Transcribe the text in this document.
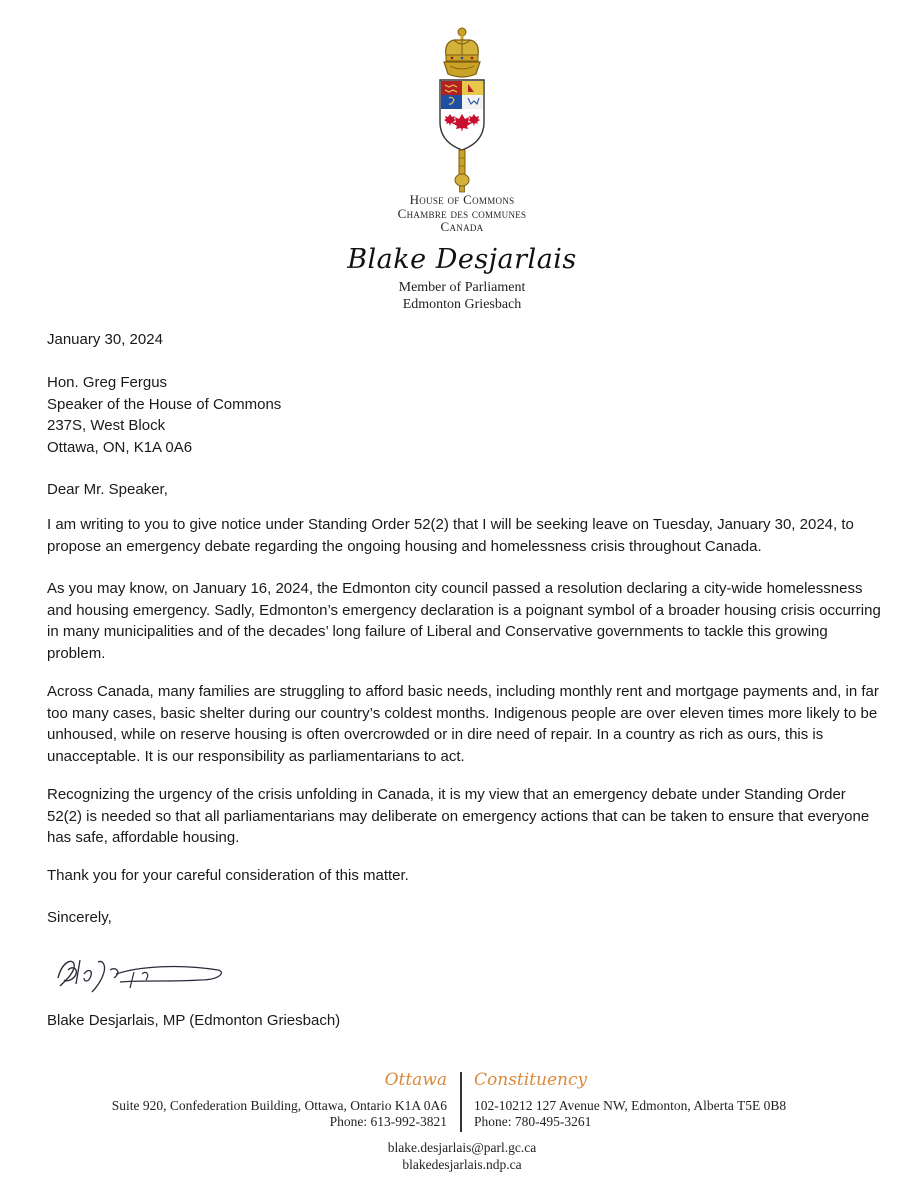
House of Commons
Chambre des communes
Canada
Blake Desjarlais
Member of Parliament
Edmonton Griesbach
January 30, 2024
Hon. Greg Fergus
Speaker of the House of Commons
237S, West Block
Ottawa, ON, K1A 0A6
Dear Mr. Speaker,
I am writing to you to give notice under Standing Order 52(2) that I will be seeking leave on Tuesday, January 30, 2024, to propose an emergency debate regarding the ongoing housing and homelessness crisis throughout Canada.
As you may know, on January 16, 2024, the Edmonton city council passed a resolution declaring a city-wide homelessness and housing emergency. Sadly, Edmonton’s emergency declaration is a poignant symbol of a broader housing crisis occurring in many municipalities and of the decades’ long failure of Liberal and Conservative governments to tackle this growing problem.
Across Canada, many families are struggling to afford basic needs, including monthly rent and mortgage payments and, in far too many cases, basic shelter during our country’s coldest months. Indigenous people are over eleven times more likely to be unhoused, while on reserve housing is often overcrowded or in dire need of repair. In a country as rich as ours, this is unacceptable. It is our responsibility as parliamentarians to act.
Recognizing the urgency of the crisis unfolding in Canada, it is my view that an emergency debate under Standing Order 52(2) is needed so that all parliamentarians may deliberate on emergency actions that can be taken to ensure that everyone has safe, affordable housing.
Thank you for your careful consideration of this matter.
Sincerely,
Blake Desjarlais, MP (Edmonton Griesbach)
Ottawa Constituency
Suite 920, Confederation Building, Ottawa, Ontario K1A 0A6
Phone: 613-992-3821
102-10212 127 Avenue NW, Edmonton, Alberta T5E 0B8
Phone: 780-495-3261
blake.desjarlais@parl.gc.ca
blakedesjarlais.ndp.ca
